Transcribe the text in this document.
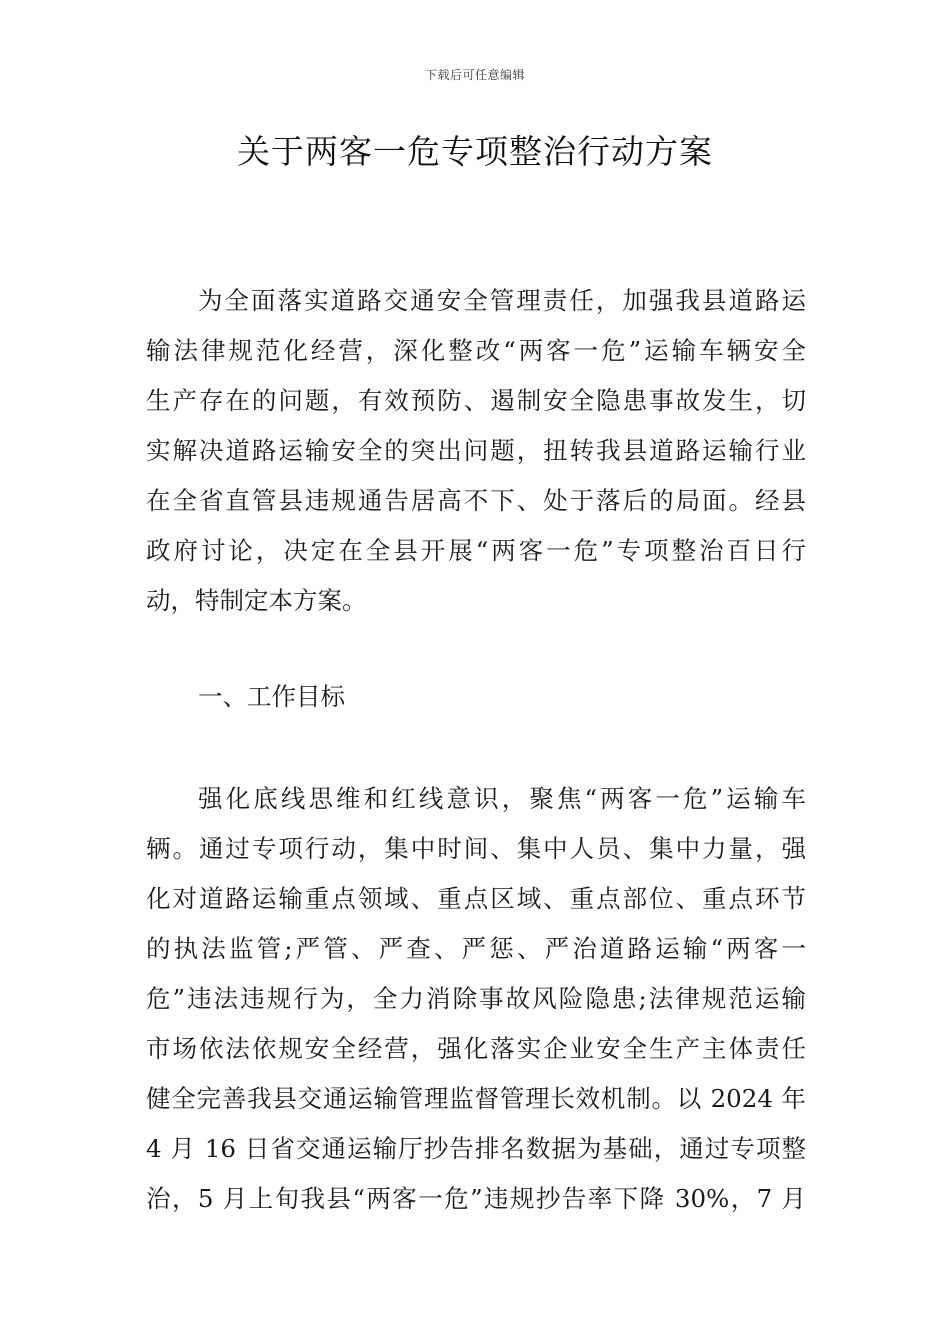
下载后可任意编辑
关于两客一危专项整治行动方案

为全面落实道路交通安全管理责任，加强我县道路运
输法律规范化经营，深化整改“两客一危”运输车辆安全
生产存在的问题，有效预防、遏制安全隐患事故发生，切
实解决道路运输安全的突出问题，扭转我县道路运输行业
在全省直管县违规通告居高不下、处于落后的局面。经县
政府讨论，决定在全县开展“两客一危”专项整治百日行
动，特制定本方案。

一、工作目标

强化底线思维和红线意识，聚焦“两客一危”运输车
辆。通过专项行动，集中时间、集中人员、集中力量，强
化对道路运输重点领域、重点区域、重点部位、重点环节
的执法监管;严管、严查、严惩、严治道路运输“两客一
危”违法违规行为，全力消除事故风险隐患;法律规范运输
市场依法依规安全经营，强化落实企业安全生产主体责任
健全完善我县交通运输管理监督管理长效机制。以 2024 年
4 月 16 日省交通运输厅抄告排名数据为基础，通过专项整
治，5 月上旬我县“两客一危”违规抄告率下降 30%，7 月
